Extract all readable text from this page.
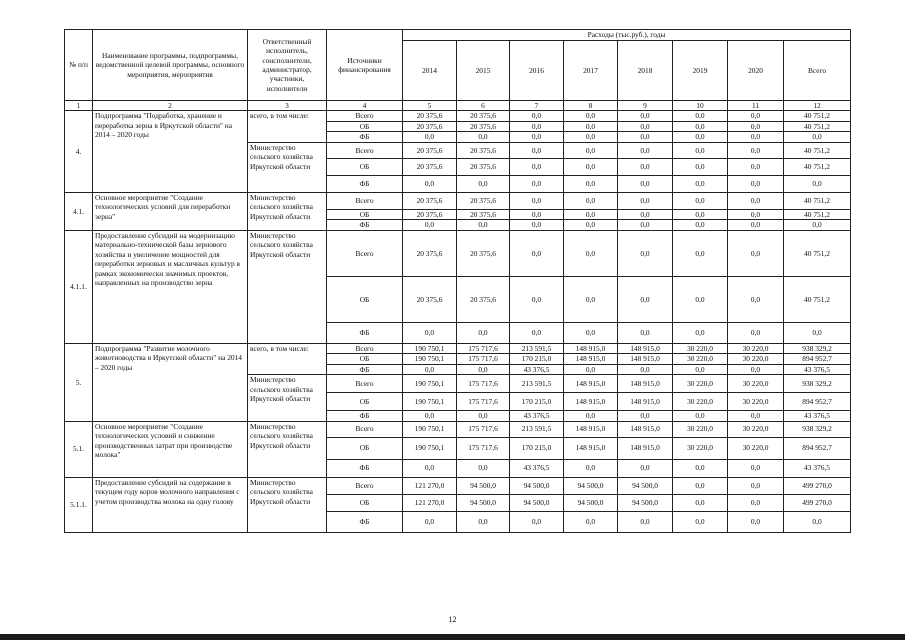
№ п/п	Наименование программы, подпрограммы, ведомственной целевой программы, основного мероприятия, мероприятия	Ответственный исполнитель, соисполнители, администратор, участники, исполнители	Источники финансирования	Расходы (тыс.руб.), годы							
				2014	2015	2016	2017	2018	2019	2020	Всего
1	2	3	4	5	6	7	8	9	10	11	12
4.	Подпрограмма "Подработка, хранение и переработка зерна в Иркутской области" на 2014 – 2020 годы	всего, в том числе:	Всего	20 375,6	20 375,6	0,0	0,0	0,0	0,0	0,0	40 751,2
			ОБ	20 375,6	20 375,6	0,0	0,0	0,0	0,0	0,0	40 751,2
			ФБ	0,0	0,0	0,0	0,0	0,0	0,0	0,0	0,0
		Министерство сельского хозяйства Иркутской области	Всего	20 375,6	20 375,6	0,0	0,0	0,0	0,0	0,0	40 751,2
			ОБ	20 375,6	20 375,6	0,0	0,0	0,0	0,0	0,0	40 751,2
			ФБ	0,0	0,0	0,0	0,0	0,0	0,0	0,0	0,0
4.1.	Основное мероприятие "Создание технологических условий для переработки зерна"	Министерство сельского хозяйства Иркутской области	Всего	20 375,6	20 375,6	0,0	0,0	0,0	0,0	0,0	40 751,2
			ОБ	20 375,6	20 375,6	0,0	0,0	0,0	0,0	0,0	40 751,2
			ФБ	0,0	0,0	0,0	0,0	0,0	0,0	0,0	0,0
4.1.1.	Предоставление субсидий на модернизацию материально-технической базы зернового хозяйства и увеличение мощностей для переработки зерновых и масличных культур в рамках экономически значимых проектов, направленных на производство зерна	Министерство сельского хозяйства Иркутской области	Всего	20 375,6	20 375,6	0,0	0,0	0,0	0,0	0,0	40 751,2
			ОБ	20 375,6	20 375,6	0,0	0,0	0,0	0,0	0,0	40 751,2
			ФБ	0,0	0,0	0,0	0,0	0,0	0,0	0,0	0,0
5.	Подпрограмма "Развитие молочного животноводства в Иркутской области" на 2014 – 2020 годы	всего, в том числе:	Всего	190 750,1	175 717,6	213 591,5	148 915,0	148 915,0	30 220,0	30 220,0	938 329,2
			ОБ	190 750,1	175 717,6	170 215,0	148 915,0	148 915,0	30 220,0	30 220,0	894 952,7
			ФБ	0,0	0,0	43 376,5	0,0	0,0	0,0	0,0	43 376,5
		Министерство сельского хозяйства Иркутской области	Всего	190 750,1	175 717,6	213 591,5	148 915,0	148 915,0	30 220,0	30 220,0	938 329,2
			ОБ	190 750,1	175 717,6	170 215,0	148 915,0	148 915,0	30 220,0	30 220,0	894 952,7
			ФБ	0,0	0,0	43 376,5	0,0	0,0	0,0	0,0	43 376,5
5.1.	Основное мероприятие "Создание технологических условий и снижение производственных затрат при производстве молока"	Министерство сельского хозяйства Иркутской области	Всего	190 750,1	175 717,6	213 591,5	148 915,0	148 915,0	30 220,0	30 220,0	938 329,2
			ОБ	190 750,1	175 717,6	170 215,0	148 915,0	148 915,0	30 220,0	30 220,0	894 952,7
			ФБ	0,0	0,0	43 376,5	0,0	0,0	0,0	0,0	43 376,5
5.1.1.	Предоставление субсидий на содержание в текущем году коров молочного направления с учетом производства молока на одну голову	Министерство сельского хозяйства Иркутской области	Всего	121 270,0	94 500,0	94 500,0	94 500,0	94 500,0	0,0	0,0	499 270,0
			ОБ	121 270,0	94 500,0	94 500,0	94 500,0	94 500,0	0,0	0,0	499 270,0
			ФБ	0,0	0,0	0,0	0,0	0,0	0,0	0,0	0,0
12
